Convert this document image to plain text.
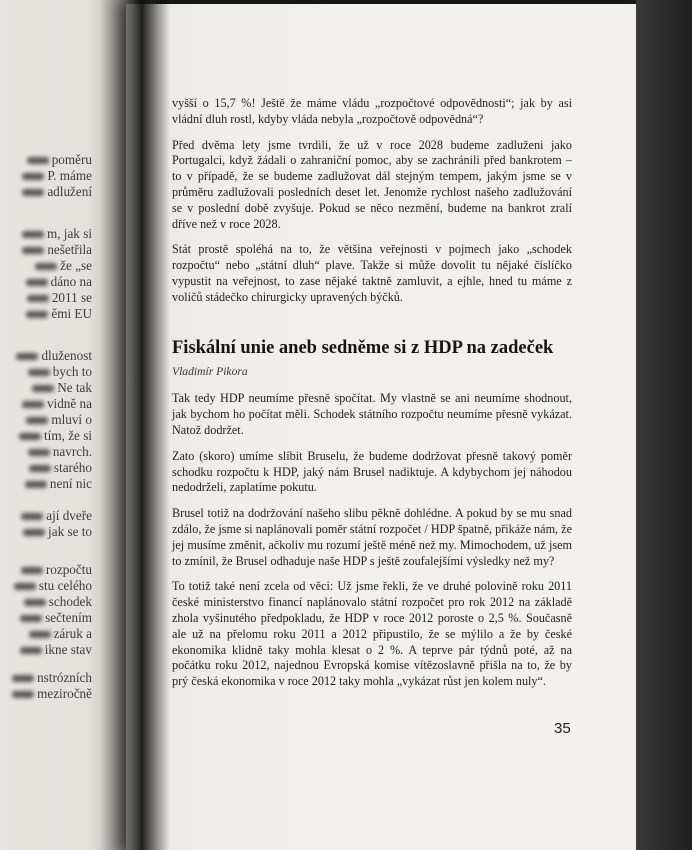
poměru
P. máme
adlužení
m, jak si
nešetřila
že „se
dáno na
2011 se
ěmi EU
dluženost
bych to
Ne tak
vidně na
mluví o
tím, že si
navrch.
starého
není nic
ají dveře
jak se to
rozpočtu
stu celého
schodek
sečtením
záruk a
ikne stav
nstrózních
meziročně

vyšší o 15,7 %! Ještě že máme vládu „rozpočtové odpovědnosti“; jak by asi vládní dluh rostl, kdyby vláda nebyla „rozpočtově odpovědná“?

Před dvěma lety jsme tvrdili, že už v roce 2028 budeme zadluženi jako Portugalci, když žádali o zahraniční pomoc, aby se zachránili před bankrotem – to v případě, že se budeme zadlužovat dál stejným tempem, jakým jsme se v průměru zadlužovali posledních deset let. Jenomže rychlost našeho zadlužování se v poslední době zvyšuje. Pokud se něco nezmění, budeme na bankrot zralí dříve než v roce 2028.

Stát prostě spoléhá na to, že většina veřejnosti v pojmech jako „schodek rozpočtu“ nebo „státní dluh“ plave. Takže si může dovolit tu nějaké číslíčko vypustit na veřejnost, to zase nějaké taktně zamluvit, a ejhle, hned tu máme z voličů stádečko chirurgicky upravených býčků.

Fiskální unie aneb sedněme si z HDP na zadeček
Vladimír Pikora

Tak tedy HDP neumíme přesně spočítat. My vlastně se ani neumíme shodnout, jak bychom ho počítat měli. Schodek státního rozpočtu neumíme přesně vykázat. Natož dodržet.

Zato (skoro) umíme slíbit Bruselu, že budeme dodržovat přesně takový poměr schodku rozpočtu k HDP, jaký nám Brusel nadiktuje. A kdybychom jej náhodou nedodrželi, zaplatíme pokutu.

Brusel totiž na dodržování našeho slibu pěkně dohlédne. A pokud by se mu snad zdálo, že jsme si naplánovali poměr státní rozpočet / HDP špatně, přikáže nám, že jej musíme změnit, ačkoliv mu rozumí ještě méně než my. Mimochodem, už jsem to zmínil, že Brusel odhaduje naše HDP s ještě zoufalejšími výsledky než my?

To totiž také není zcela od věci: Už jsme řekli, že ve druhé polovině roku 2011 české ministerstvo financí naplánovalo státní rozpočet pro rok 2012 na základě zhola vyšinutého předpokladu, že HDP v roce 2012 poroste o 2,5 %. Současně ale už na přelomu roku 2011 a 2012 připustilo, že se mýlilo a že by české ekonomika klidně taky mohla klesat o 2 %. A teprve pár týdnů poté, až na počátku roku 2012, najednou Evropská komise vítězoslavně přišla na to, že by prý česká ekonomika v roce 2012 taky mohla „vykázat růst jen kolem nuly“.

35
